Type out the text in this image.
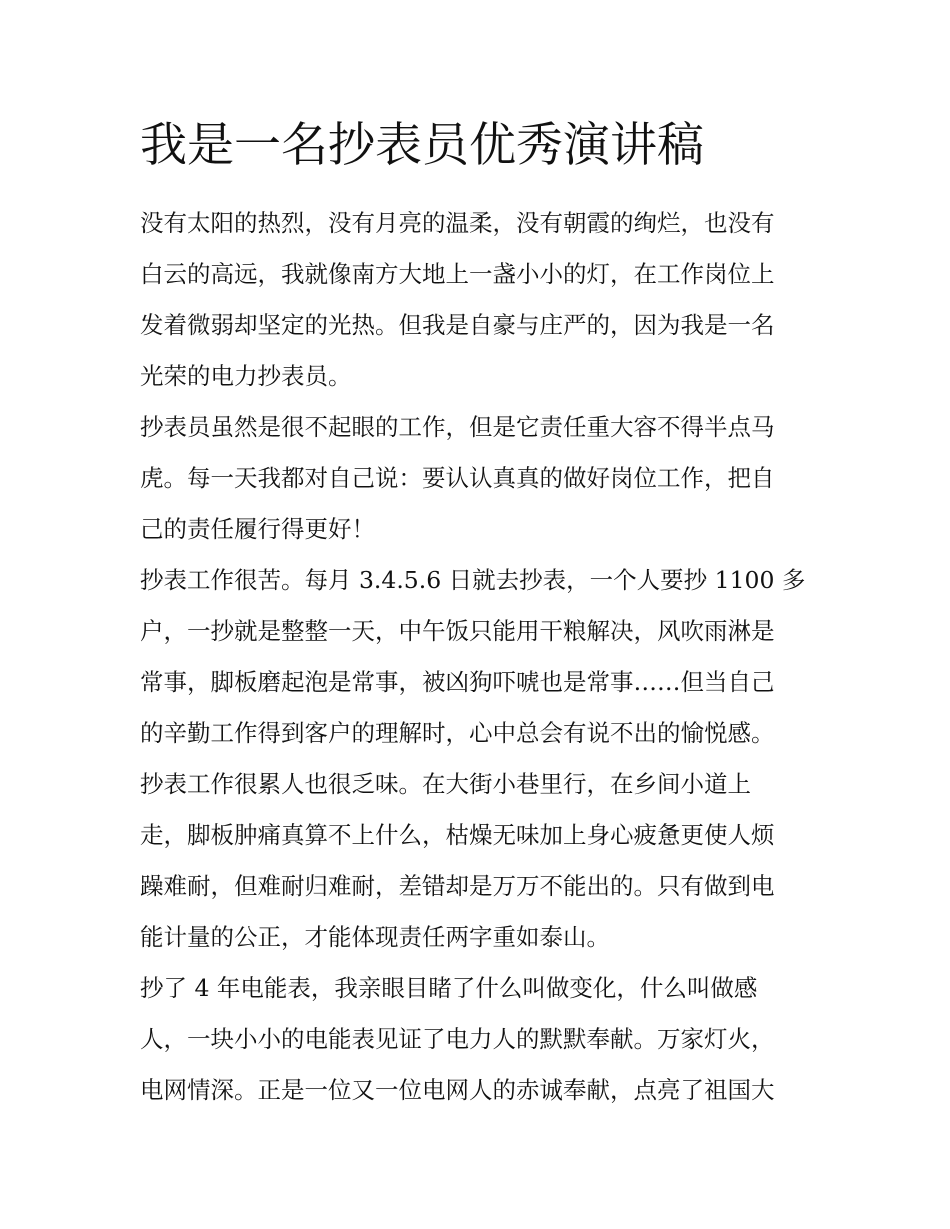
我是一名抄表员优秀演讲稿
没有太阳的热烈，没有月亮的温柔，没有朝霞的绚烂，也没有
白云的高远，我就像南方大地上一盏小小的灯，在工作岗位上
发着微弱却坚定的光热。但我是自豪与庄严的，因为我是一名
光荣的电力抄表员。
抄表员虽然是很不起眼的工作，但是它责任重大容不得半点马
虎。每一天我都对自己说：要认认真真的做好岗位工作，把自
己的责任履行得更好！
抄表工作很苦。每月 3.4.5.6 日就去抄表，一个人要抄 1100 多
户，一抄就是整整一天，中午饭只能用干粮解决，风吹雨淋是
常事，脚板磨起泡是常事，被凶狗吓唬也是常事……但当自己
的辛勤工作得到客户的理解时，心中总会有说不出的愉悦感。
抄表工作很累人也很乏味。在大街小巷里行，在乡间小道上
走，脚板肿痛真算不上什么，枯燥无味加上身心疲惫更使人烦
躁难耐，但难耐归难耐，差错却是万万不能出的。只有做到电
能计量的公正，才能体现责任两字重如泰山。
抄了 4 年电能表，我亲眼目睹了什么叫做变化，什么叫做感
人，一块小小的电能表见证了电力人的默默奉献。万家灯火，
电网情深。正是一位又一位电网人的赤诚奉献，点亮了祖国大
